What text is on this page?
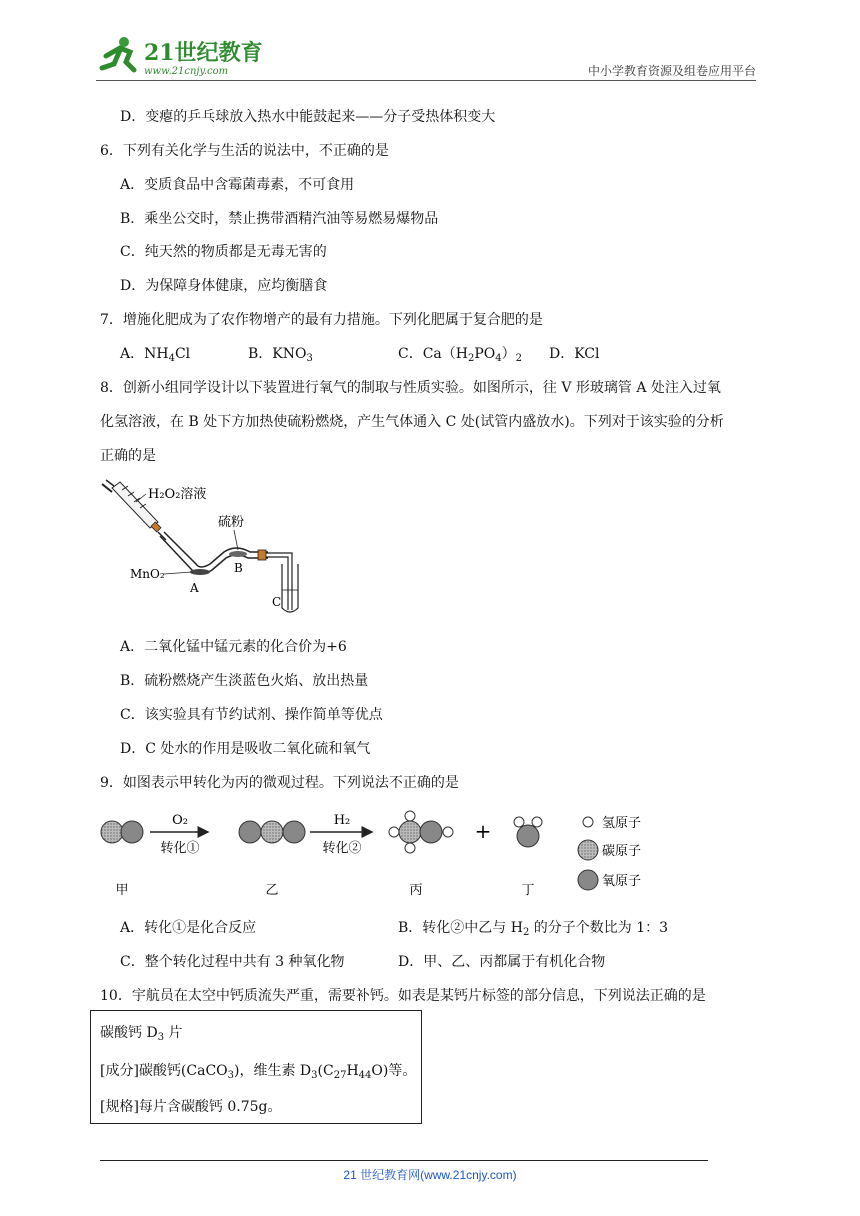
21世纪教育
www.21cnjy.com	中小学教育资源及组卷应用平台
D．变瘪的乒乓球放入热水中能鼓起来——分子受热体积变大
6．下列有关化学与生活的说法中，不正确的是
A．变质食品中含霉菌毒素，不可食用
B．乘坐公交时，禁止携带酒精汽油等易燃易爆物品
C．纯天然的物质都是无毒无害的
D．为保障身体健康，应均衡膳食
7．增施化肥成为了农作物增产的最有力措施。下列化肥属于复合肥的是
A．$NH_4Cl$	B．$KNO_3$	C．$Ca(H_2PO_4)_2$ D．KCl
8．创新小组同学设计以下装置进行氧气的制取与性质实验。如图所示，往 V 形玻璃管 A 处注入过氧
化氢溶液，在 B 处下方加热使硫粉燃烧，产生气体通入 C 处(试管内盛放水)。下列对于该实验的分析
正确的是
H₂O₂溶液
硫粉
MnO₂
A
B
C
A．二氧化锰中锰元素的化合价为+6
B．硫粉燃烧产生淡蓝色火焰、放出热量
C．该实验具有节约试剂、操作简单等优点
D．C 处水的作用是吸收二氧化硫和氧气
9．如图表示甲转化为丙的微观过程。下列说法不正确的是
O₂
转化①
H₂
转化②
+	氢原子
碳原子
氧原子
甲	乙	丙	丁
A．转化①是化合反应	B．转化②中乙与 $H_2$ 的分子个数比为 1：3
C．整个转化过程中共有 3 种氧化物	D．甲、乙、丙都属于有机化合物
10．宇航员在太空中钙质流失严重，需要补钙。如表是某钙片标签的部分信息，下列说法正确的是
碳酸钙 $D_3$ 片
[成分]碳酸钙(CaCO$_3$)，维生素 $D_3(C_{27}H_{44}O)$等。
[规格]每片含碳酸钙 0.75g。
21 世纪教育网(www.21cnjy.com)
